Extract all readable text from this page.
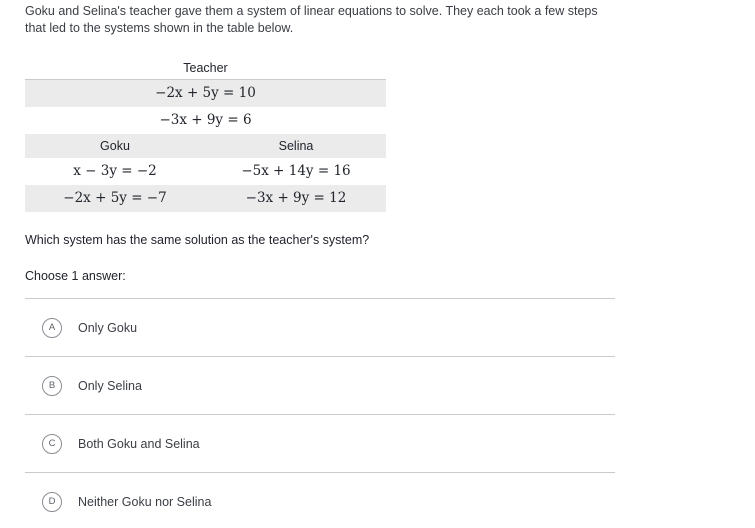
Goku and Selina's teacher gave them a system of linear equations to solve. They each took a few steps that led to the systems shown in the table below.
Teacher
−2x + 5y = 10
−3x + 9y = 6
Goku	Selina
x − 3y = −2	−5x + 14y = 16
−2x + 5y = −7	−3x + 9y = 12
Which system has the same solution as the teacher's system?
Choose 1 answer:
A	Only Goku
B	Only Selina
C	Both Goku and Selina
D	Neither Goku nor Selina
